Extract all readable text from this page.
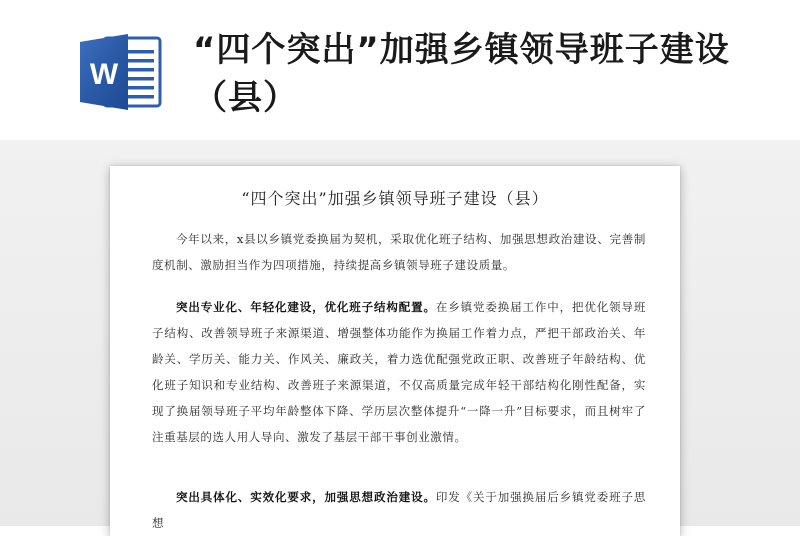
W
“四个突出”加强乡镇领导班子建设（县）
“四个突出”加强乡镇领导班子建设（县）
今年以来，x县以乡镇党委换届为契机，采取优化班子结构、加强思想政治建设、完善制度机制、激励担当作为四项措施，持续提高乡镇领导班子建设质量。
突出专业化、年轻化建设，优化班子结构配置。在乡镇党委换届工作中，把优化领导班子结构、改善领导班子来源渠道、增强整体功能作为换届工作着力点，严把干部政治关、年龄关、学历关、能力关、作风关、廉政关，着力选优配强党政正职、改善班子年龄结构、优化班子知识和专业结构、改善班子来源渠道，不仅高质量完成年轻干部结构化刚性配备，实现了换届领导班子平均年龄整体下降、学历层次整体提升“一降一升”目标要求，而且树牢了注重基层的选人用人导向、激发了基层干部干事创业激情。
突出具体化、实效化要求，加强思想政治建设。印发《关于加强换届后乡镇党委班子思想
